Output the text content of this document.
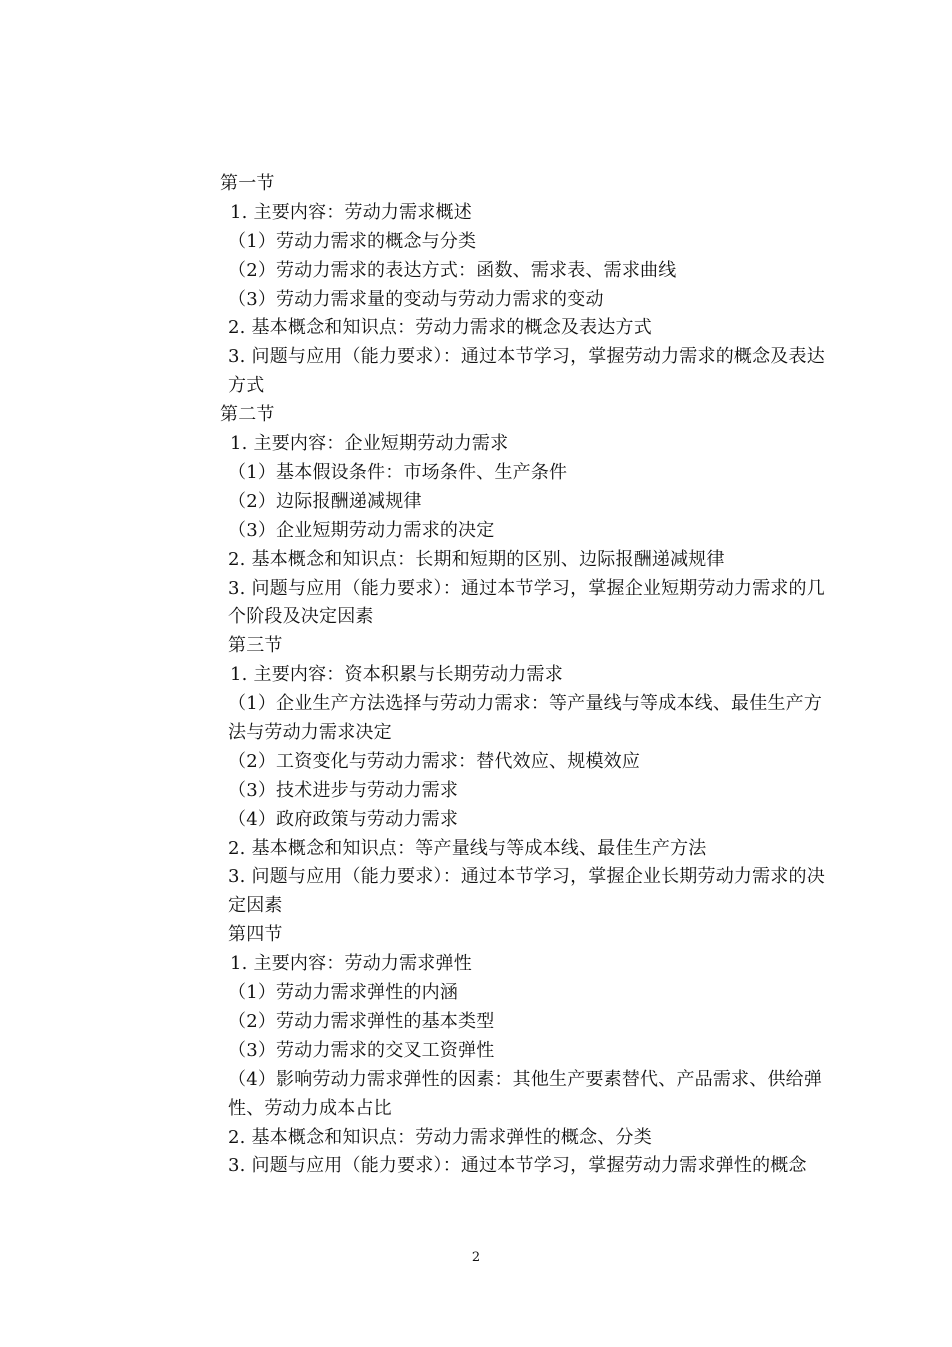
第一节
1. 主要内容：劳动力需求概述
（1）劳动力需求的概念与分类
（2）劳动力需求的表达方式：函数、需求表、需求曲线
（3）劳动力需求量的变动与劳动力需求的变动
2. 基本概念和知识点：劳动力需求的概念及表达方式
3. 问题与应用（能力要求）：通过本节学习，掌握劳动力需求的概念及表达方式
第二节
1. 主要内容：企业短期劳动力需求
（1）基本假设条件：市场条件、生产条件
（2）边际报酬递减规律
（3）企业短期劳动力需求的决定
2. 基本概念和知识点：长期和短期的区别、边际报酬递减规律
3. 问题与应用（能力要求）：通过本节学习，掌握企业短期劳动力需求的几个阶段及决定因素
第三节
1. 主要内容：资本积累与长期劳动力需求
（1）企业生产方法选择与劳动力需求：等产量线与等成本线、最佳生产方法与劳动力需求决定
（2）工资变化与劳动力需求：替代效应、规模效应
（3）技术进步与劳动力需求
（4）政府政策与劳动力需求
2. 基本概念和知识点：等产量线与等成本线、最佳生产方法
3. 问题与应用（能力要求）：通过本节学习，掌握企业长期劳动力需求的决定因素
第四节
1. 主要内容：劳动力需求弹性
（1）劳动力需求弹性的内涵
（2）劳动力需求弹性的基本类型
（3）劳动力需求的交叉工资弹性
（4）影响劳动力需求弹性的因素：其他生产要素替代、产品需求、供给弹性、劳动力成本占比
2. 基本概念和知识点：劳动力需求弹性的概念、分类
3. 问题与应用（能力要求）：通过本节学习，掌握劳动力需求弹性的概念
2
